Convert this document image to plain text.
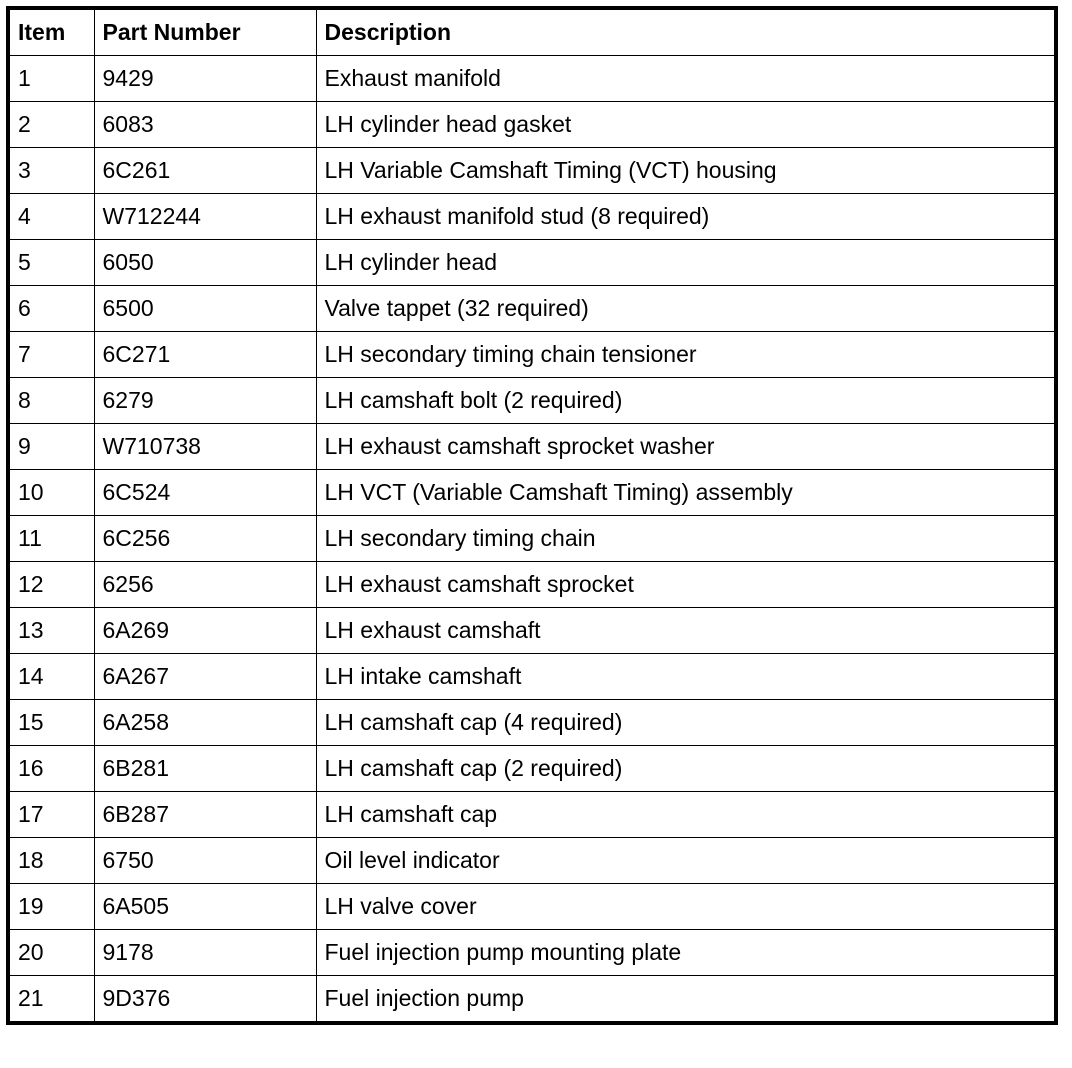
Item	Part Number	Description
1	9429	Exhaust manifold
2	6083	LH cylinder head gasket
3	6C261	LH Variable Camshaft Timing (VCT) housing
4	W712244	LH exhaust manifold stud (8 required)
5	6050	LH cylinder head
6	6500	Valve tappet (32 required)
7	6C271	LH secondary timing chain tensioner
8	6279	LH camshaft bolt (2 required)
9	W710738	LH exhaust camshaft sprocket washer
10	6C524	LH VCT (Variable Camshaft Timing) assembly
11	6C256	LH secondary timing chain
12	6256	LH exhaust camshaft sprocket
13	6A269	LH exhaust camshaft
14	6A267	LH intake camshaft
15	6A258	LH camshaft cap (4 required)
16	6B281	LH camshaft cap (2 required)
17	6B287	LH camshaft cap
18	6750	Oil level indicator
19	6A505	LH valve cover
20	9178	Fuel injection pump mounting plate
21	9D376	Fuel injection pump
